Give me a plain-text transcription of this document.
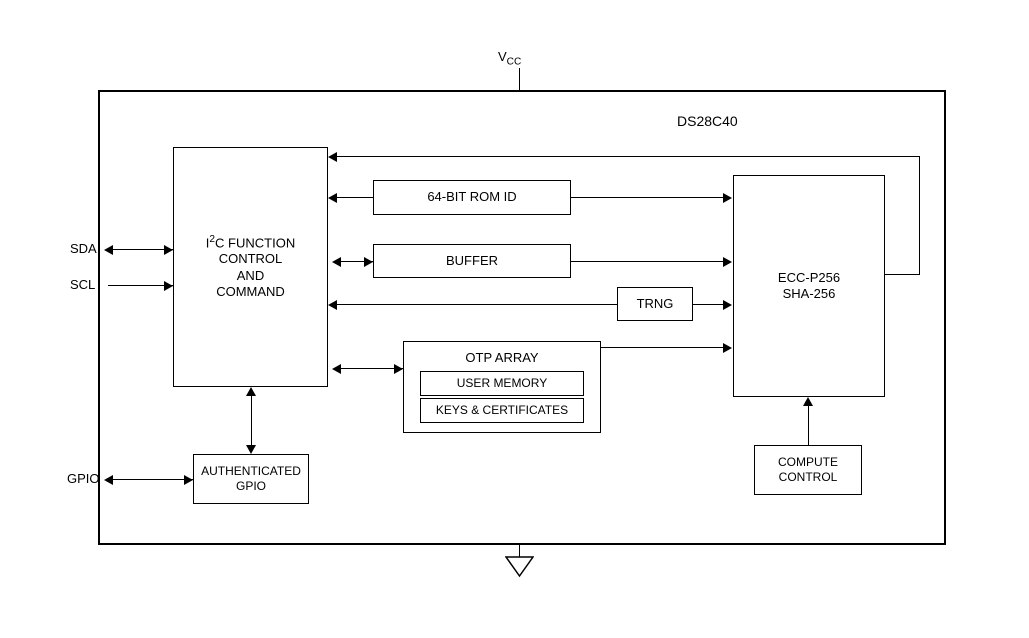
$V_{CC}$
DS28C40
SDA
SCL
GPIO
$I^2C$ FUNCTION
CONTROL
AND
COMMAND
ECC-P256
SHA-256
64-BIT ROM ID
BUFFER
TRNG
OTP ARRAY
USER MEMORY
KEYS & CERTIFICATES
COMPUTE
CONTROL
AUTHENTICATED
GPIO
